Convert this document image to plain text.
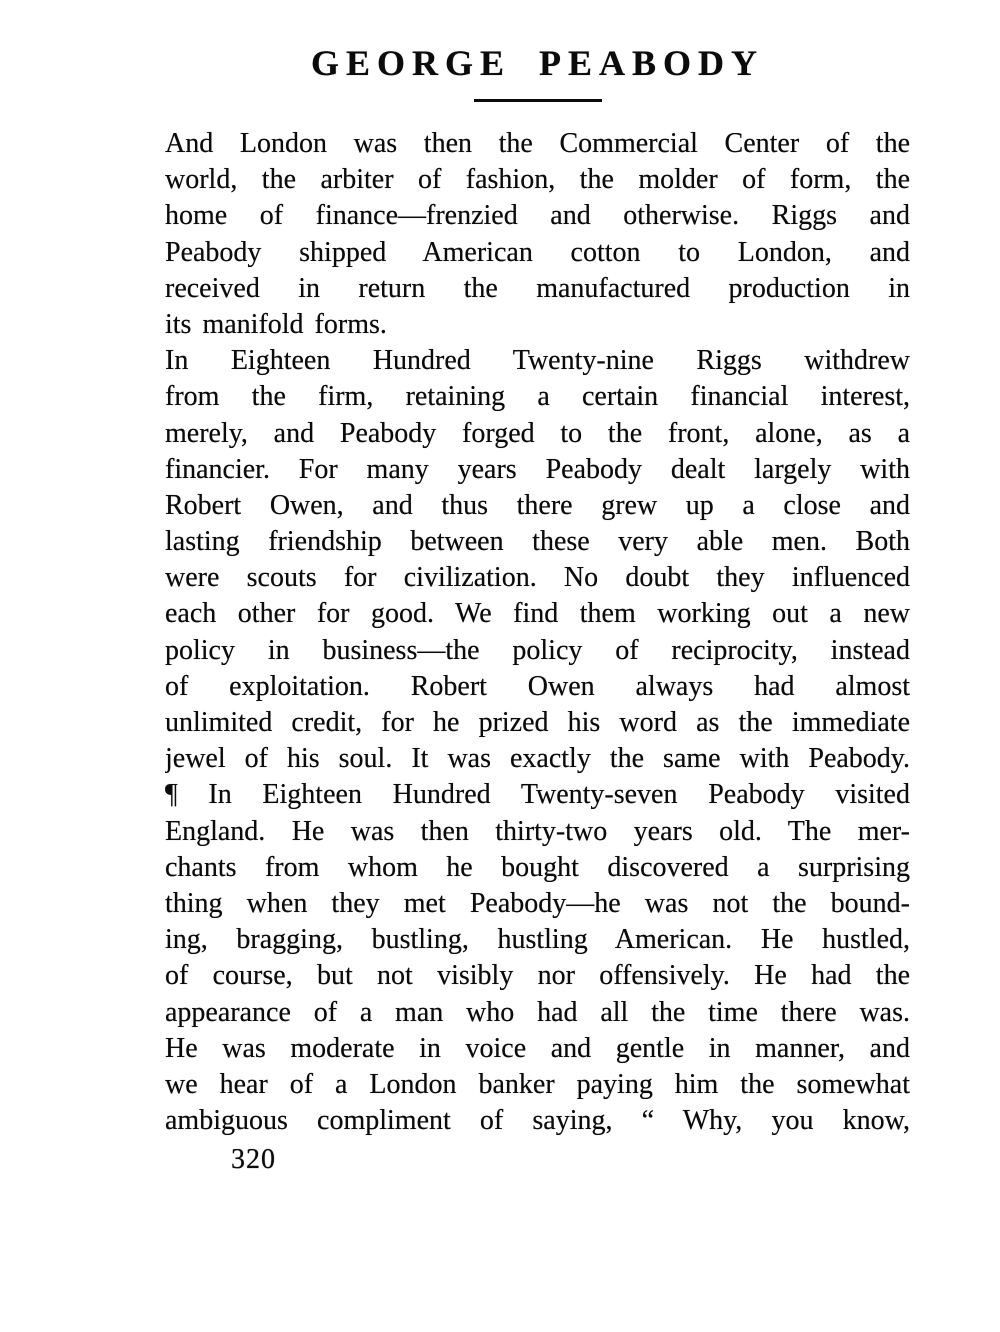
GEORGE PEABODY
And London was then the Commercial Center of the
world, the arbiter of fashion, the molder of form, the
home of finance—frenzied and otherwise. Riggs and
Peabody shipped American cotton to London, and
received in return the manufactured production in
its manifold forms.
In Eighteen Hundred Twenty-nine Riggs withdrew
from the firm, retaining a certain financial interest,
merely, and Peabody forged to the front, alone, as a
financier. For many years Peabody dealt largely with
Robert Owen, and thus there grew up a close and
lasting friendship between these very able men. Both
were scouts for civilization. No doubt they influenced
each other for good. We find them working out a new
policy in business—the policy of reciprocity, instead
of exploitation. Robert Owen always had almost
unlimited credit, for he prized his word as the immediate
jewel of his soul. It was exactly the same with Peabody.
¶ In Eighteen Hundred Twenty-seven Peabody visited
England. He was then thirty-two years old. The mer-
chants from whom he bought discovered a surprising
thing when they met Peabody—he was not the bound-
ing, bragging, bustling, hustling American. He hustled,
of course, but not visibly nor offensively. He had the
appearance of a man who had all the time there was.
He was moderate in voice and gentle in manner, and
we hear of a London banker paying him the somewhat
ambiguous compliment of saying, “ Why, you know,
320
